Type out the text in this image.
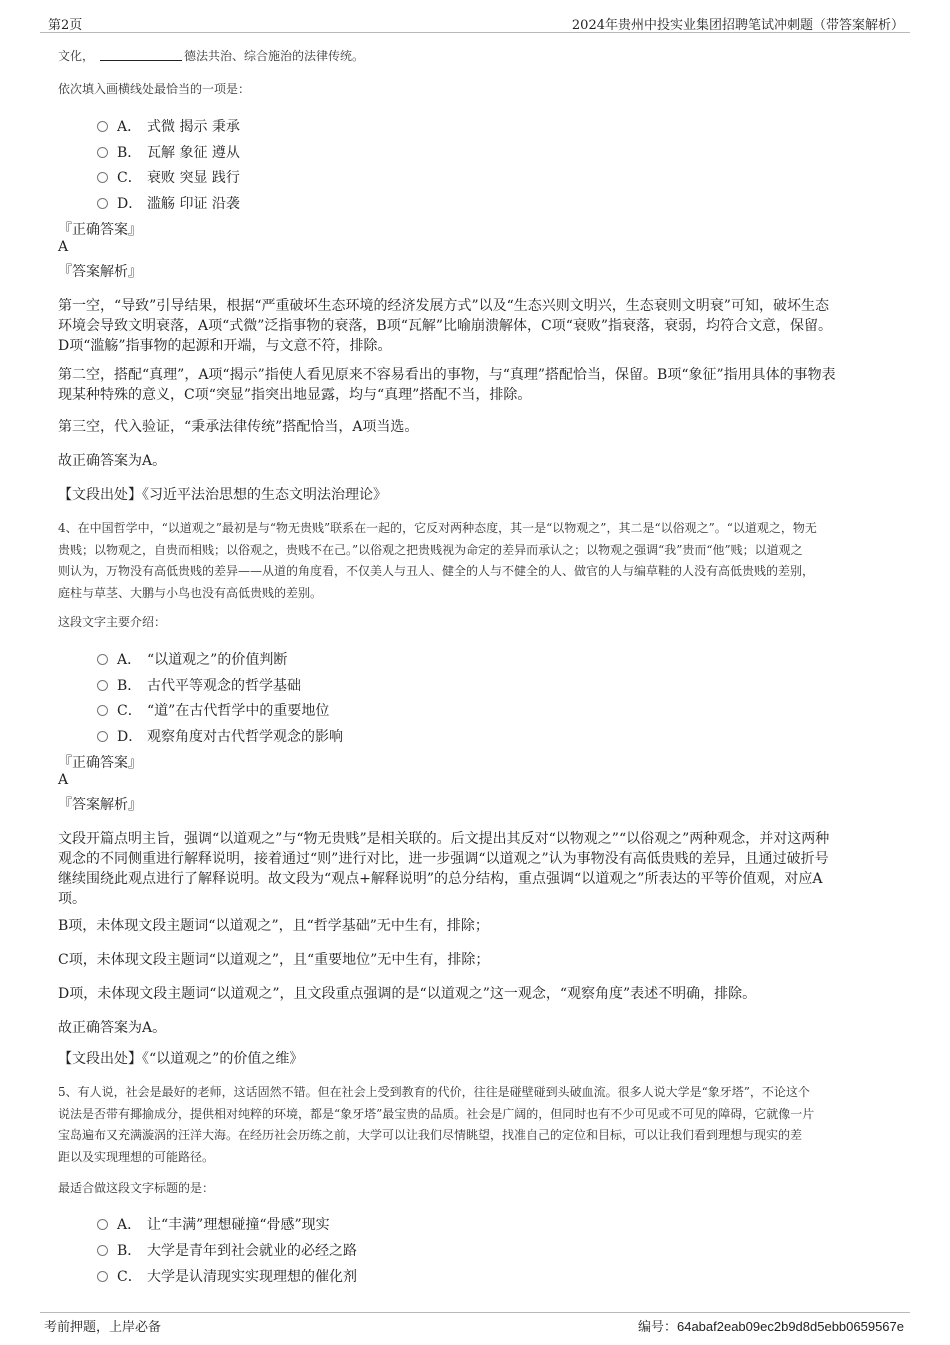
第2页	2024年贵州中投实业集团招聘笔试冲刺题（带答案解析）
文化，	德法共治、综合施治的法律传统。
依次填入画横线处最恰当的一项是：
A． 式微 揭示 秉承
B． 瓦解 象征 遵从
C． 衰败 突显 践行
D． 滥觞 印证 沿袭
『正确答案』
A
『答案解析』
第一空，“导致”引导结果，根据“严重破坏生态环境的经济发展方式”以及“生态兴则文明兴，生态衰则文明衰”可知，破坏生态
环境会导致文明衰落，A项“式微”泛指事物的衰落，B项“瓦解”比喻崩溃解体，C项“衰败”指衰落，衰弱，均符合文意，保留。
D项“滥觞”指事物的起源和开端，与文意不符，排除。
第二空，搭配“真理”，A项“揭示”指使人看见原来不容易看出的事物，与“真理”搭配恰当，保留。B项“象征”指用具体的事物表
现某种特殊的意义，C项“突显”指突出地显露，均与“真理”搭配不当，排除。
第三空，代入验证，“秉承法律传统”搭配恰当，A项当选。
故正确答案为A。
【文段出处】《习近平法治思想的生态文明法治理论》
4、在中国哲学中，“以道观之”最初是与“物无贵贱”联系在一起的，它反对两种态度，其一是“以物观之”，其二是“以俗观之”。“以道观之，物无
贵贱；以物观之，自贵而相贱；以俗观之，贵贱不在己。”以俗观之把贵贱视为命定的差异而承认之；以物观之强调“我”贵而“他”贱；以道观之
则认为，万物没有高低贵贱的差异——从道的角度看，不仅美人与丑人、健全的人与不健全的人、做官的人与编草鞋的人没有高低贵贱的差别，
庭柱与草茎、大鹏与小鸟也没有高低贵贱的差别。
这段文字主要介绍：
A． “以道观之”的价值判断
B． 古代平等观念的哲学基础
C． “道”在古代哲学中的重要地位
D． 观察角度对古代哲学观念的影响
『正确答案』
A
『答案解析』
文段开篇点明主旨，强调“以道观之”与“物无贵贱”是相关联的。后文提出其反对“以物观之”“以俗观之”两种观念，并对这两种
观念的不同侧重进行解释说明，接着通过“则”进行对比，进一步强调“以道观之”认为事物没有高低贵贱的差异，且通过破折号
继续围绕此观点进行了解释说明。故文段为“观点+解释说明”的总分结构，重点强调“以道观之”所表达的平等价值观，对应A
项。
B项，未体现文段主题词“以道观之”，且“哲学基础”无中生有，排除；
C项，未体现文段主题词“以道观之”，且“重要地位”无中生有，排除；
D项，未体现文段主题词“以道观之”，且文段重点强调的是“以道观之”这一观念，“观察角度”表述不明确，排除。
故正确答案为A。
【文段出处】《“以道观之”的价值之维》
5、有人说，社会是最好的老师，这话固然不错。但在社会上受到教育的代价，往往是碰壁碰到头破血流。很多人说大学是“象牙塔”，不论这个
说法是否带有揶揄成分，提供相对纯粹的环境，都是“象牙塔”最宝贵的品质。社会是广阔的，但同时也有不少可见或不可见的障碍，它就像一片
宝岛遍布又充满漩涡的汪洋大海。在经历社会历练之前，大学可以让我们尽情眺望，找准自己的定位和目标，可以让我们看到理想与现实的差
距以及实现理想的可能路径。
最适合做这段文字标题的是：
A． 让“丰满”理想碰撞“骨感”现实
B． 大学是青年到社会就业的必经之路
C． 大学是认清现实实现理想的催化剂
考前押题，上岸必备	编号：64abaf2eab09ec2b9d8d5ebb0659567e
